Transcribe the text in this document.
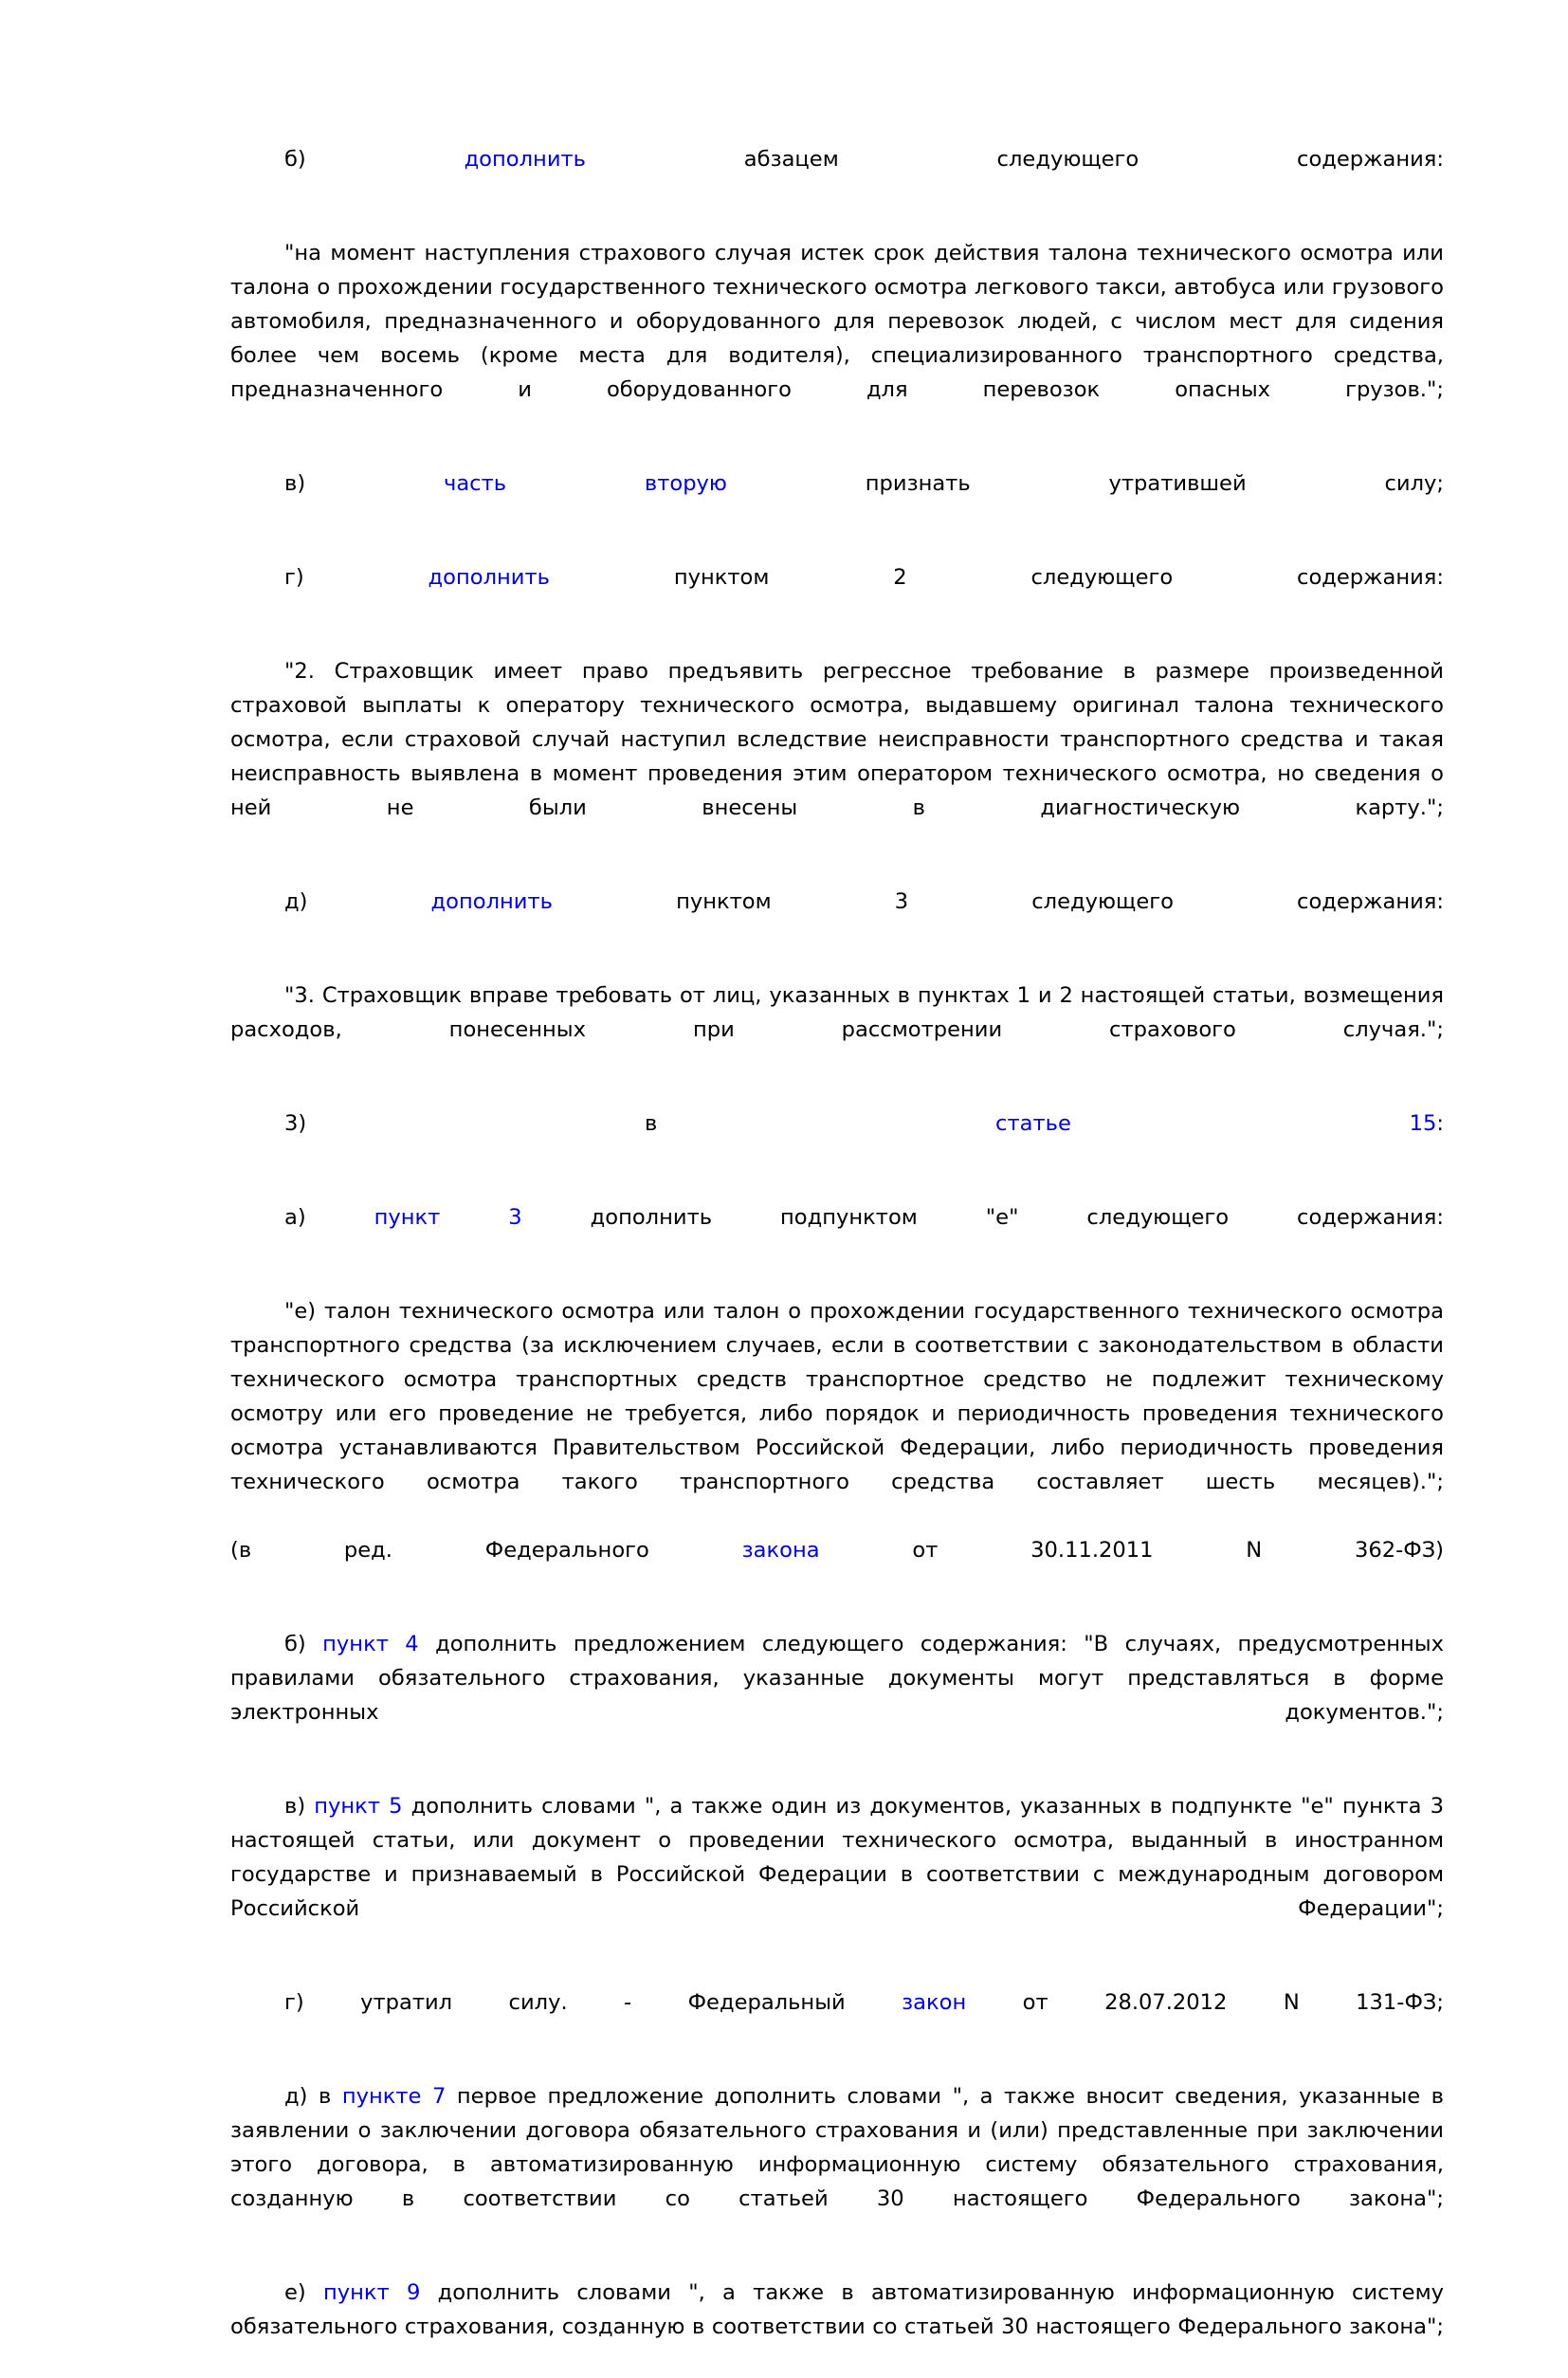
б) дополнить абзацем следующего содержания:

"на момент наступления страхового случая истек срок действия талона технического осмотра или талона о прохождении государственного технического осмотра легкового такси, автобуса или грузового автомобиля, предназначенного и оборудованного для перевозок людей, с числом мест для сидения более чем восемь (кроме места для водителя), специализированного транспортного средства, предназначенного и оборудованного для перевозок опасных грузов.";

в) часть вторую признать утратившей силу;

г) дополнить пунктом 2 следующего содержания:

"2. Страховщик имеет право предъявить регрессное требование в размере произведенной страховой выплаты к оператору технического осмотра, выдавшему оригинал талона технического осмотра, если страховой случай наступил вследствие неисправности транспортного средства и такая неисправность выявлена в момент проведения этим оператором технического осмотра, но сведения о ней не были внесены в диагностическую карту.";

д) дополнить пунктом 3 следующего содержания:

"3. Страховщик вправе требовать от лиц, указанных в пунктах 1 и 2 настоящей статьи, возмещения расходов, понесенных при рассмотрении страхового случая.";

3) в статье 15:

а) пункт 3 дополнить подпунктом "е" следующего содержания:

"е) талон технического осмотра или талон о прохождении государственного технического осмотра транспортного средства (за исключением случаев, если в соответствии с законодательством в области технического осмотра транспортных средств транспортное средство не подлежит техническому осмотру или его проведение не требуется, либо порядок и периодичность проведения технического осмотра устанавливаются Правительством Российской Федерации, либо периодичность проведения технического осмотра такого транспортного средства составляет шесть месяцев).";

(в ред. Федерального закона от 30.11.2011 N 362-ФЗ)

б) пункт 4 дополнить предложением следующего содержания: "В случаях, предусмотренных правилами обязательного страхования, указанные документы могут представляться в форме электронных документов.";

в) пункт 5 дополнить словами ", а также один из документов, указанных в подпункте "е" пункта 3 настоящей статьи, или документ о проведении технического осмотра, выданный в иностранном государстве и признаваемый в Российской Федерации в соответствии с международным договором Российской Федерации";

г) утратил силу. - Федеральный закон от 28.07.2012 N 131-ФЗ;

д) в пункте 7 первое предложение дополнить словами ", а также вносит сведения, указанные в заявлении о заключении договора обязательного страхования и (или) представленные при заключении этого договора, в автоматизированную информационную систему обязательного страхования, созданную в соответствии со статьей 30 настоящего Федерального закона";

е) пункт 9 дополнить словами ", а также в автоматизированную информационную систему обязательного страхования, созданную в соответствии со статьей 30 настоящего Федерального закона";
